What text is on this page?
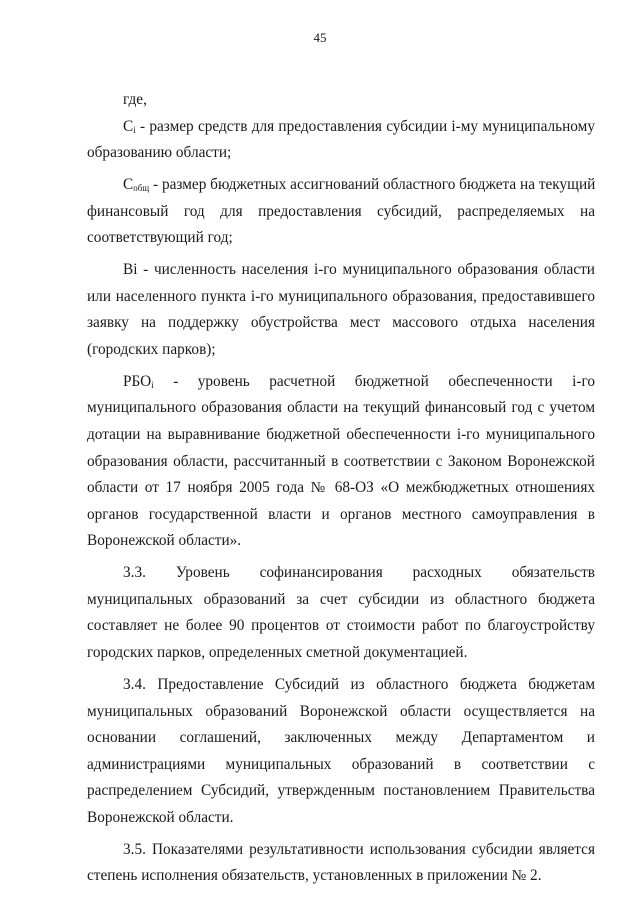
45

где,

$C_i$ - размер средств для предоставления субсидии i-му муниципальному
образованию области;

$C_{общ}$ - размер бюджетных ассигнований областного бюджета на текущий
финансовый год для предоставления субсидий, распределяемых на
соответствующий год;

Bi - численность населения i-го муниципального образования области
или населенного пункта i-го муниципального образования, предоставившего
заявку на поддержку обустройства мест массового отдыха населения
(городских парков);

$РБО_i$ - уровень расчетной бюджетной обеспеченности i-го
муниципального образования области на текущий финансовый год с учетом
дотации на выравнивание бюджетной обеспеченности i-го муниципального
образования области, рассчитанный в соответствии с Законом Воронежской
области от 17 ноября 2005 года № 68-ОЗ «О межбюджетных отношениях
органов государственной власти и органов местного самоуправления в
Воронежской области».

3.3. Уровень софинансирования расходных обязательств
муниципальных образований за счет субсидии из областного бюджета
составляет не более 90 процентов от стоимости работ по благоустройству
городских парков, определенных сметной документацией.

3.4. Предоставление Субсидий из областного бюджета бюджетам
муниципальных образований Воронежской области осуществляется на
основании соглашений, заключенных между Департаментом и
администрациями муниципальных образований в соответствии с
распределением Субсидий, утвержденным постановлением Правительства
Воронежской области.

3.5. Показателями результативности использования субсидии является
степень исполнения обязательств, установленных в приложении № 2.
